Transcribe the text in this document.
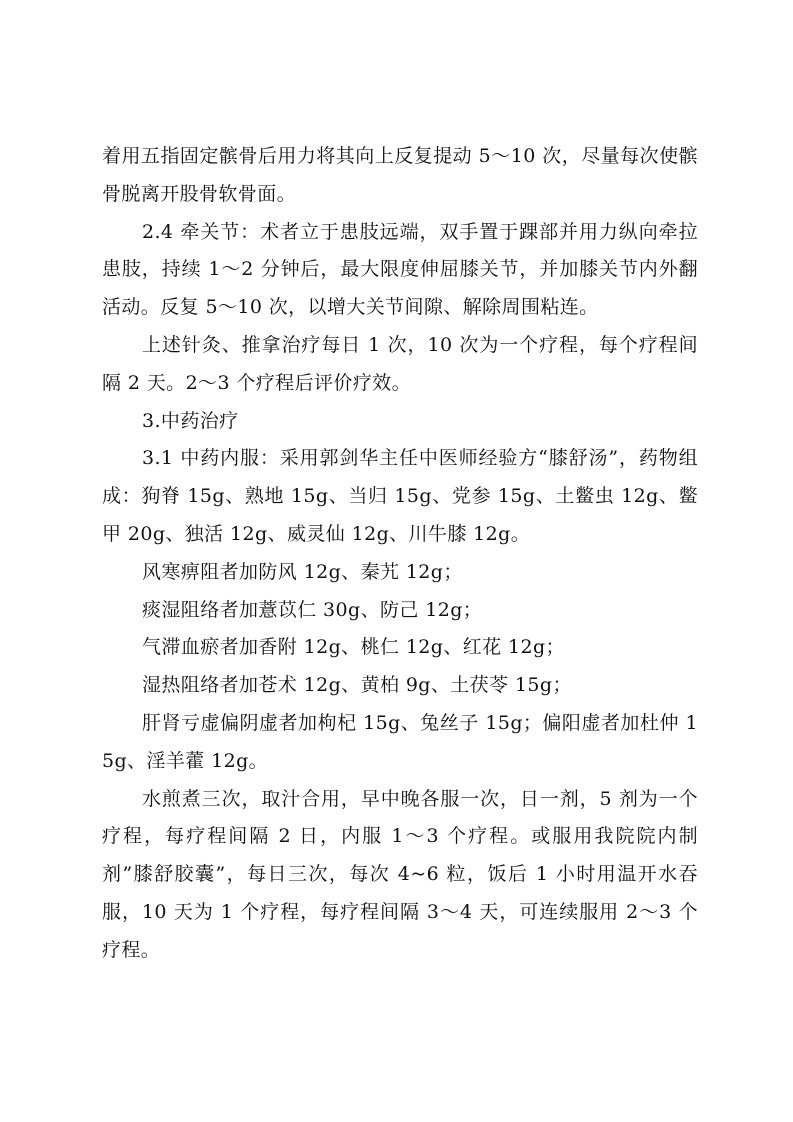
着用五指固定髌骨后用力将其向上反复提动 5～10 次，尽量每次使髌骨脱离开股骨软骨面。

2.4 牵关节：术者立于患肢远端，双手置于踝部并用力纵向牵拉患肢，持续 1～2 分钟后，最大限度伸屈膝关节，并加膝关节内外翻活动。反复 5～10 次，以增大关节间隙、解除周围粘连。

上述针灸、推拿治疗每日 1 次，10 次为一个疗程，每个疗程间隔 2 天。2～3 个疗程后评价疗效。

3.中药治疗

3.1 中药内服：采用郭剑华主任中医师经验方“膝舒汤”，药物组成：狗脊 15g、熟地 15g、当归 15g、党参 15g、土鳖虫 12g、鳖甲 20g、独活 12g、威灵仙 12g、川牛膝 12g。

风寒痹阻者加防风 12g、秦艽 12g；

痰湿阻络者加薏苡仁 30g、防己 12g；

气滞血瘀者加香附 12g、桃仁 12g、红花 12g；

湿热阻络者加苍术 12g、黄柏 9g、土茯苓 15g；

肝肾亏虚偏阴虚者加枸杞 15g、兔丝子 15g；偏阳虚者加杜仲 15g、淫羊藿 12g。

水煎煮三次，取汁合用，早中晚各服一次，日一剂，5 剂为一个疗程，每疗程间隔 2 日，内服 1～3 个疗程。或服用我院院内制剂”膝舒胶囊”，每日三次，每次 4~6 粒，饭后 1 小时用温开水吞服，10 天为 1 个疗程，每疗程间隔 3～4 天，可连续服用 2～3 个疗程。
